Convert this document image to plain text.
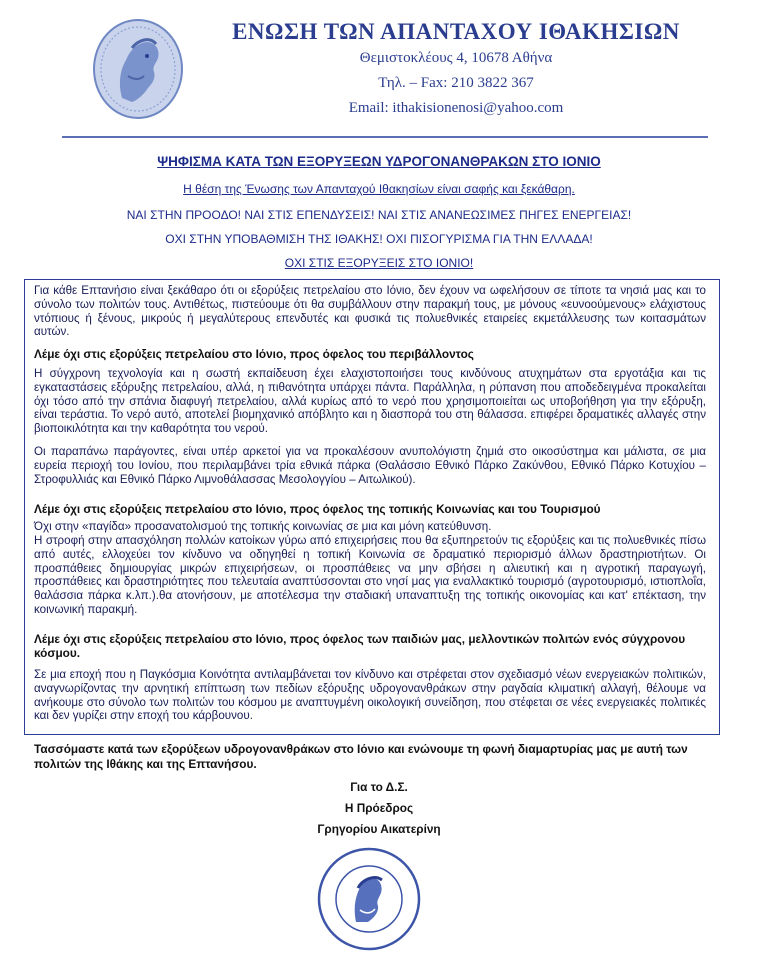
ΕΝΩΣΗ ΤΩΝ ΑΠΑΝΤΑΧΟΥ ΙΘΑΚΗΣΙΩΝ
Θεμιστοκλέους 4, 10678 Αθήνα
Τηλ. – Fax: 210 3822 367
Email: ithakisionenosi@yahoo.com
ΨΗΦΙΣΜΑ ΚΑΤΑ ΤΩΝ ΕΞΟΡΥΞΕΩΝ ΥΔΡΟΓΟΝΑΝΘΡΑΚΩΝ ΣΤΟ ΙΟΝΙΟ
Η θέση της Ένωσης των Απανταχού Ιθακησίων είναι σαφής και ξεκάθαρη.
ΝΑΙ ΣΤΗΝ ΠΡΟΟΔΟ! ΝΑΙ ΣΤΙΣ ΕΠΕΝΔΥΣΕΙΣ! ΝΑΙ ΣΤΙΣ ΑΝΑΝΕΩΣΙΜΕΣ ΠΗΓΕΣ ΕΝΕΡΓΕΙΑΣ!
ΟΧΙ ΣΤΗΝ ΥΠΟΒΑΘΜΙΣΗ ΤΗΣ ΙΘΑΚΗΣ! ΟΧΙ ΠΙΣΟΓΥΡΙΣΜΑ ΓΙΑ ΤΗΝ ΕΛΛΑΔΑ!
ΟΧΙ ΣΤΙΣ ΕΞΟΡΥΞΕΙΣ ΣΤΟ ΙΟΝΙΟ!
Για κάθε Επτανήσιο είναι ξεκάθαρο ότι οι εξορύξεις πετρελαίου στο Ιόνιο, δεν έχουν να ωφελήσουν σε τίποτε τα νησιά μας και το σύνολο των πολιτών τους. Αντιθέτως, πιστεύουμε ότι θα συμβάλλουν στην παρακμή τους, με μόνους «ευνοούμενους» ελάχιστους ντόπιους ή ξένους, μικρούς ή μεγαλύτερους επενδυτές και φυσικά τις πολυεθνικές εταιρείες εκμετάλλευσης των κοιτασμάτων αυτών.
Λέμε όχι στις εξορύξεις πετρελαίου στο Ιόνιο, προς όφελος του περιβάλλοντος
Η σύγχρονη τεχνολογία και η σωστή εκπαίδευση έχει ελαχιστοποιήσει τους κινδύνους ατυχημάτων στα εργοτάξια και τις εγκαταστάσεις εξόρυξης πετρελαίου, αλλά, η πιθανότητα υπάρχει πάντα. Παράλληλα, η ρύπανση που αποδεδειγμένα προκαλείται όχι τόσο από την σπάνια διαφυγή πετρελαίου, αλλά κυρίως από το νερό που χρησιμοποιείται ως υποβοήθηση για την εξόρυξη, είναι τεράστια. Το νερό αυτό, αποτελεί βιομηχανικό απόβλητο και η διασπορά του στη θάλασσα. επιφέρει δραματικές αλλαγές στην βιοποικιλότητα και την καθαρότητα του νερού.
Οι παραπάνω παράγοντες, είναι υπέρ αρκετοί για να προκαλέσουν ανυπολόγιστη ζημιά στο οικοσύστημα και μάλιστα, σε μια ευρεία περιοχή του Ιονίου, που περιλαμβάνει τρία εθνικά πάρκα (Θαλάσσιο Εθνικό Πάρκο Ζακύνθου, Εθνικό Πάρκο Κοτυχίου – Στροφυλλιάς και Εθνικό Πάρκο Λιμνοθάλασσας Μεσολογγίου – Αιτωλικού).
Λέμε όχι στις εξορύξεις πετρελαίου στο Ιόνιο, προς όφελος της τοπικής Κοινωνίας και του Τουρισμού
Όχι στην «παγίδα» προσανατολισμού της τοπικής κοινωνίας σε μια και μόνη κατεύθυνση.
Η στροφή στην απασχόληση πολλών κατοίκων γύρω από επιχειρήσεις που θα εξυπηρετούν τις εξορύξεις και τις πολυεθνικές πίσω από αυτές, ελλοχεύει τον κίνδυνο να οδηγηθεί η τοπική Κοινωνία σε δραματικό περιορισμό άλλων δραστηριοτήτων. Οι προσπάθειες δημιουργίας μικρών επιχειρήσεων, οι προσπάθειες να μην σβήσει η αλιευτική και η αγροτική παραγωγή, προσπάθειες και δραστηριότητες που τελευταία αναπτύσσονται στο νησί μας για εναλλακτικό τουρισμό (αγροτουρισμό, ιστιοπλοΐα, θαλάσσια πάρκα κ.λπ.).θα ατονήσουν, με αποτέλεσμα την σταδιακή υπαναπτυξη της τοπικής οικονομίας και κατ' επέκταση, την κοινωνική παρακμή.
Λέμε όχι στις εξορύξεις πετρελαίου στο Ιόνιο, προς όφελος των παιδιών μας, μελλοντικών πολιτών ενός σύγχρονου κόσμου.
Σε μια εποχή που η Παγκόσμια Κοινότητα αντιλαμβάνεται τον κίνδυνο και στρέφεται στον σχεδιασμό νέων ενεργειακών πολιτικών, αναγνωρίζοντας την αρνητική επίπτωση των πεδίων εξόρυξης υδρογονανθράκων στην ραγδαία κλιματική αλλαγή, θέλουμε να ανήκουμε στο σύνολο των πολιτών του κόσμου με αναπτυγμένη οικολογική συνείδηση, που στέφεται σε νέες ενεργειακές πολιτικές και δεν γυρίζει στην εποχή του κάρβουνου.
Τασσόμαστε κατά των εξορύξεων υδρογονανθράκων στο Ιόνιο και ενώνουμε τη φωνή διαμαρτυρίας μας με αυτή των πολιτών της Ιθάκης και της Επτανήσου.
Για το Δ.Σ.
Η Πρόεδρος
Γρηγορίου Αικατερίνη
